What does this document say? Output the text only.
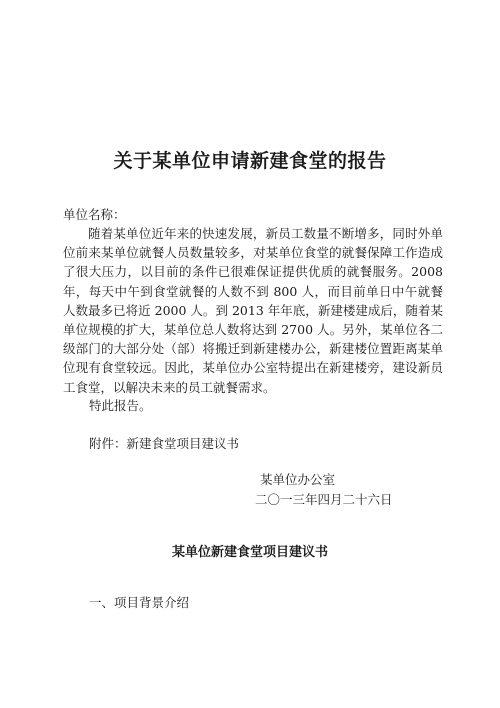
关于某单位申请新建食堂的报告
单位名称：
随着某单位近年来的快速发展，新员工数量不断增多，同时外单位前来某单位就餐人员数量较多，对某单位食堂的就餐保障工作造成了很大压力，以目前的条件已很难保证提供优质的就餐服务。2008 年，每天中午到食堂就餐的人数不到 800 人，而目前单日中午就餐人数最多已将近 2000 人。到 2013 年年底，新建楼建成后，随着某单位规模的扩大，某单位总人数将达到 2700 人。另外，某单位各二级部门的大部分处（部）将搬迁到新建楼办公，新建楼位置距离某单位现有食堂较远。因此，某单位办公室特提出在新建楼旁，建设新员工食堂，以解决未来的员工就餐需求。
特此报告。
附件：新建食堂项目建议书
某单位办公室
二〇一三年四月二十六日
某单位新建食堂项目建议书
一、项目背景介绍
